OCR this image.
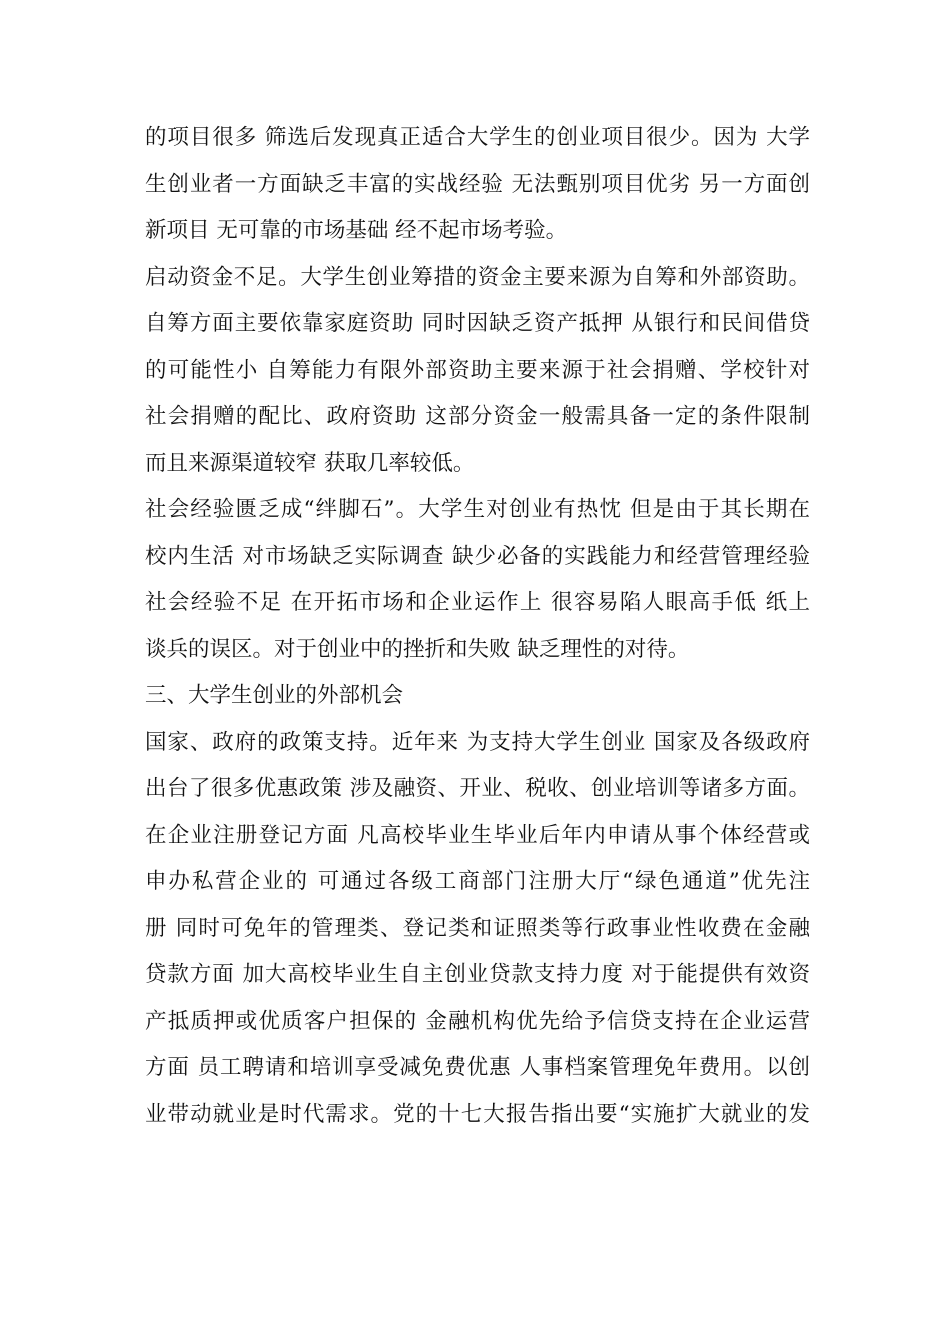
的项目很多 筛选后发现真正适合大学生的创业项目很少。因为 大学
生创业者一方面缺乏丰富的实战经验 无法甄别项目优劣 另一方面创
新项目 无可靠的市场基础 经不起市场考验。
启动资金不足。大学生创业筹措的资金主要来源为自筹和外部资助。
自筹方面主要依靠家庭资助 同时因缺乏资产抵押 从银行和民间借贷
的可能性小 自筹能力有限外部资助主要来源于社会捐赠、学校针对
社会捐赠的配比、政府资助 这部分资金一般需具备一定的条件限制
而且来源渠道较窄 获取几率较低。
社会经验匮乏成“绊脚石”。大学生对创业有热忱 但是由于其长期在
校内生活 对市场缺乏实际调查 缺少必备的实践能力和经营管理经验
社会经验不足 在开拓市场和企业运作上 很容易陷人眼高手低 纸上
谈兵的误区。对于创业中的挫折和失败 缺乏理性的对待。
三、大学生创业的外部机会
国家、政府的政策支持。近年来 为支持大学生创业 国家及各级政府
出台了很多优惠政策 涉及融资、开业、税收、创业培训等诸多方面。
在企业注册登记方面 凡高校毕业生毕业后年内申请从事个体经营或
申办私营企业的 可通过各级工商部门注册大厅“绿色通道”优先注
册 同时可免年的管理类、登记类和证照类等行政事业性收费在金融
贷款方面 加大高校毕业生自主创业贷款支持力度 对于能提供有效资
产抵质押或优质客户担保的 金融机构优先给予信贷支持在企业运营
方面 员工聘请和培训享受减免费优惠 人事档案管理免年费用。以创
业带动就业是时代需求。党的十七大报告指出要“实施扩大就业的发
